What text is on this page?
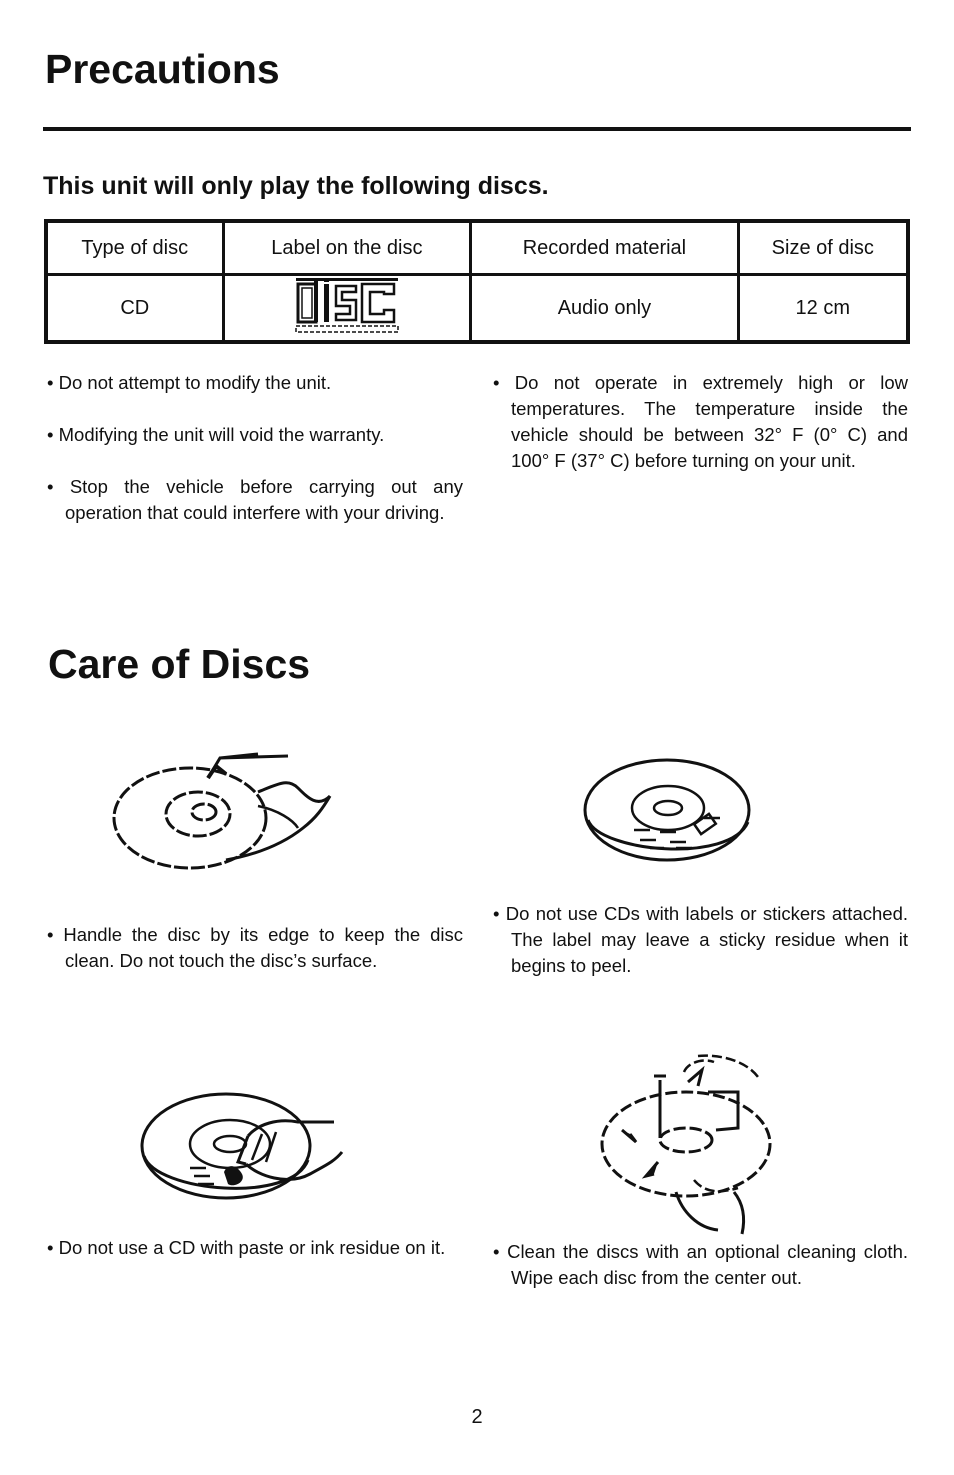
Precautions
This unit will only play the following discs.
Type of disc	Label on the disc	Recorded material	Size of disc
CD		Audio only	12 cm

• Do not attempt to modify the unit.

• Modifying the unit will void the warranty.

• Stop the vehicle before carrying out any operation that could interfere with your driving.

• Do not operate in extremely high or low temperatures. The temperature inside the vehicle should be between 32° F (0° C) and 100° F (37° C) before turning on your unit.

Care of Discs

• Handle the disc by its edge to keep the disc clean. Do not touch the disc’s surface.

• Do not use CDs with labels or stickers attached. The label may leave a sticky residue when it begins to peel.

• Do not use a CD with paste or ink residue on it.	• Clean the discs with an optional cleaning cloth. Wipe each disc from the center out.

2
